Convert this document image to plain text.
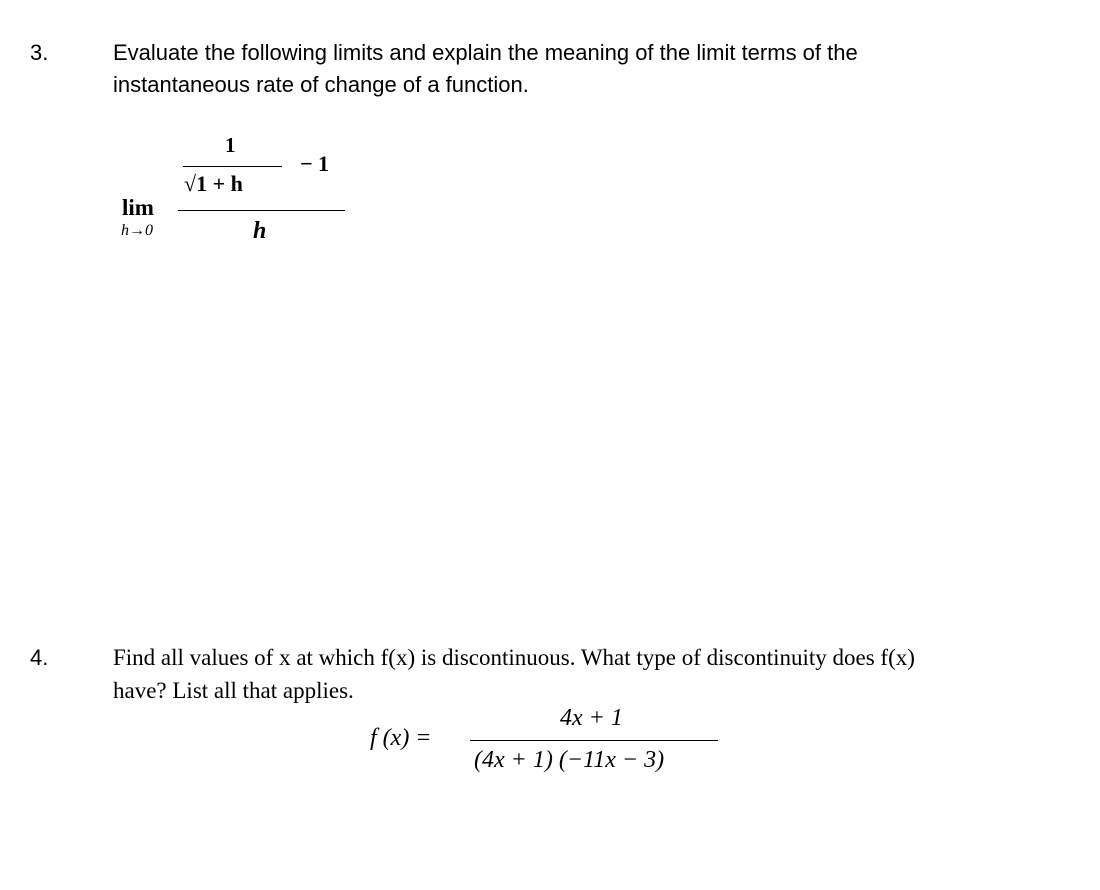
3.	Evaluate the following limits and explain the meaning of the limit terms of the
instantaneous rate of change of a function.
lim
h→0
1
√1 + h
− 1
h
4.	Find all values of x at which f(x) is discontinuous. What type of discontinuity does f(x)
have? List all that applies.
f (x) =
4x + 1
(4x + 1) (−11x − 3)
